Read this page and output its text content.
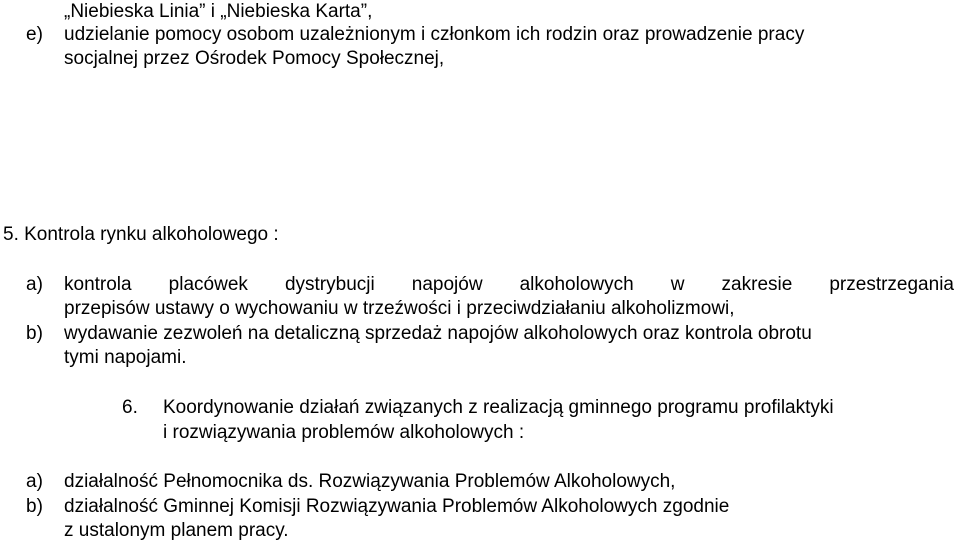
„Niebieska Linia” i „Niebieska Karta”,
e) udzielanie pomocy osobom uzależnionym i członkom ich rodzin oraz prowadzenie pracy
socjalnej przez Ośrodek Pomocy Społecznej,
5. Kontrola rynku alkoholowego :
a) kontrola placówek dystrybucji napojów alkoholowych w zakresie przestrzegania
przepisów ustawy o wychowaniu w trzeźwości i przeciwdziałaniu alkoholizmowi,
b) wydawanie zezwoleń na detaliczną sprzedaż napojów alkoholowych oraz kontrola obrotu
tymi napojami.
6. Koordynowanie działań związanych z realizacją gminnego programu profilaktyki
i rozwiązywania problemów alkoholowych :
a) działalność Pełnomocnika ds. Rozwiązywania Problemów Alkoholowych,
b) działalność Gminnej Komisji Rozwiązywania Problemów Alkoholowych zgodnie
z ustalonym planem pracy.
